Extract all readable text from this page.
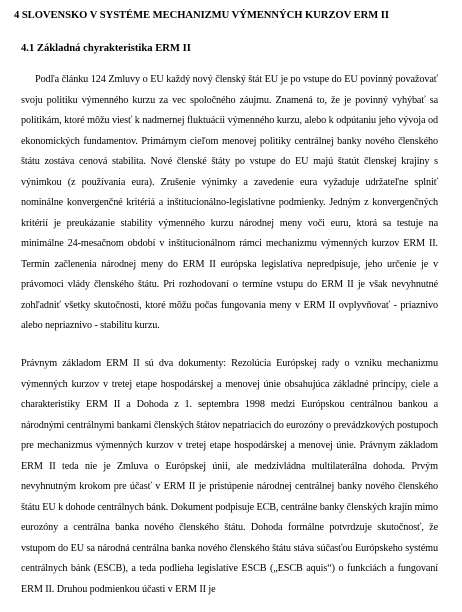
4 SLOVENSKO V SYSTÉME MECHANIZMU VÝMENNÝCH KURZOV ERM II
4.1 Základná chyrakteristika ERM II

Podľa článku 124 Zmluvy o EU každý nový členský štát EU je po vstupe do EU povinný považovať svoju politiku výmenného kurzu za vec spoločného záujmu. Znamená to, že je povinný vyhýbať sa politikám, ktoré môžu viesť k nadmernej fluktuácii výmenného kurzu, alebo k odpútaniu jeho vývoja od ekonomických fundamentov. Primárnym cieľom menovej politiky centrálnej banky nového členského štátu zostáva cenová stabilita. Nové členské štáty po vstupe do EU majú štatút členskej krajiny s výnimkou (z používania eura). Zrušenie výnimky a zavedenie eura vyžaduje udržateľne splniť nominálne konvergenčné kritériá a inštitucionálno-legislatívne podmienky. Jedným z konvergenčných kritérií je preukázanie stability výmenného kurzu národnej meny voči euru, ktorá sa testuje na minimálne 24-mesačnom období v inštitucionálnom rámci mechanizmu výmenných kurzov ERM II. Termín začlenenia národnej meny do ERM II európska legislatíva nepredpisuje, jeho určenie je v právomoci vlády členského štátu. Pri rozhodovaní o termíne vstupu do ERM II je však nevyhnutné zohľadniť všetky skutočnosti, ktoré môžu počas fungovania meny v ERM II ovplyvňovať - priaznivo alebo nepriaznivo - stabilitu kurzu.

Právnym základom ERM II sú dva dokumenty: Rezolúcia Európskej rady o vzniku mechanizmu výmenných kurzov v tretej etape hospodárskej a menovej únie obsahujúca základné princípy, ciele a charakteristiky ERM II a Dohoda z 1. septembra 1998 medzi Európskou centrálnou bankou a národnými centrálnymi bankami členských štátov nepatriacich do eurozóny o prevádzkových postupoch pre mechanizmus výmenných kurzov v tretej etape hospodárskej a menovej únie. Právnym základom ERM II teda nie je Zmluva o Európskej únii, ale medzivládna multilaterálna dohoda. Prvým nevyhnutným krokom pre účasť v ERM II je pristúpenie národnej centrálnej banky nového členského štátu EU k dohode centrálnych bánk. Dokument podpisuje ECB, centrálne banky členských krajín mimo eurozóny a centrálna banka nového členského štátu. Dohoda formálne potvrdzuje skutočnosť, že vstupom do EU sa národná centrálna banka nového členského štátu stáva súčasťou Európskeho systému centrálnych bánk (ESCB), a teda podlieha legislatíve ESCB („ESCB aquis“) o funkciách a fungovaní ERM II. Druhou podmienkou účasti v ERM II je
